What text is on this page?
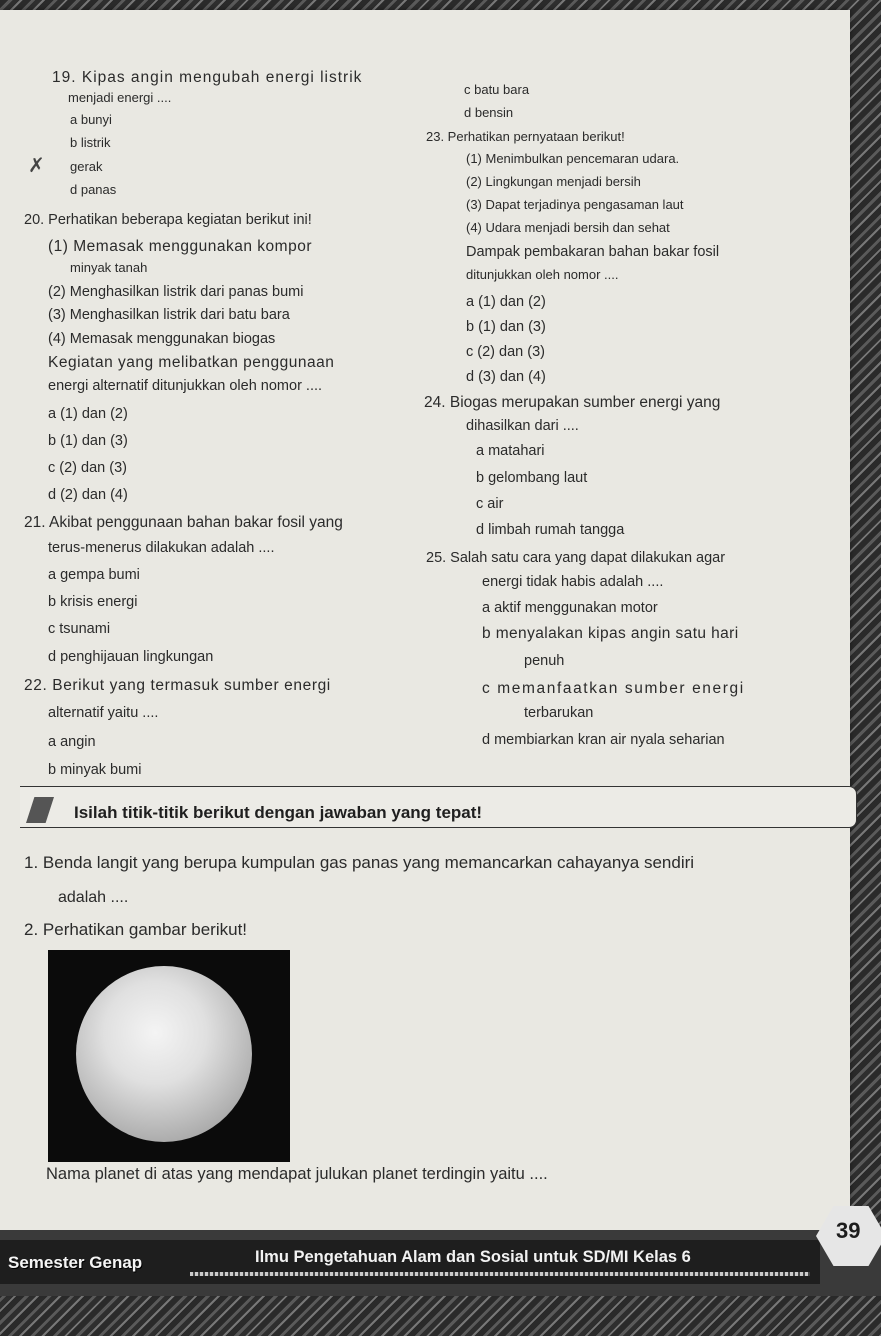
19. Kipas angin mengubah energi listrik
menjadi energi ....
a bunyi
b listrik
✗ gerak
d panas
20. Perhatikan beberapa kegiatan berikut ini!
(1) Memasak menggunakan kompor
minyak tanah
(2) Menghasilkan listrik dari panas bumi
(3) Menghasilkan listrik dari batu bara
(4) Memasak menggunakan biogas
Kegiatan yang melibatkan penggunaan
energi alternatif ditunjukkan oleh nomor ....
a (1) dan (2)
b (1) dan (3)
c (2) dan (3)
d (2) dan (4)
21. Akibat penggunaan bahan bakar fosil yang
terus-menerus dilakukan adalah ....
a gempa bumi
b krisis energi
c tsunami
d penghijauan lingkungan
22. Berikut yang termasuk sumber energi
alternatif yaitu ....
a angin
b minyak bumi
c batu bara
d bensin
23. Perhatikan pernyataan berikut!
(1) Menimbulkan pencemaran udara.
(2) Lingkungan menjadi bersih
(3) Dapat terjadinya pengasaman laut
(4) Udara menjadi bersih dan sehat
Dampak pembakaran bahan bakar fosil
ditunjukkan oleh nomor ....
a (1) dan (2)
b (1) dan (3)
c (2) dan (3)
d (3) dan (4)
24. Biogas merupakan sumber energi yang
dihasilkan dari ....
a matahari
b gelombang laut
c air
d limbah rumah tangga
25. Salah satu cara yang dapat dilakukan agar
energi tidak habis adalah ....
a aktif menggunakan motor
b menyalakan kipas angin satu hari
penuh
c memanfaatkan sumber energi
terbarukan
d membiarkan kran air nyala seharian
Isilah titik-titik berikut dengan jawaban yang tepat!
1. Benda langit yang berupa kumpulan gas panas yang memancarkan cahayanya sendiri
adalah ....
2. Perhatikan gambar berikut!
Nama planet di atas yang mendapat julukan planet terdingin yaitu ....
Semester Genap	Ilmu Pengetahuan Alam dan Sosial untuk SD/MI Kelas 6
39
